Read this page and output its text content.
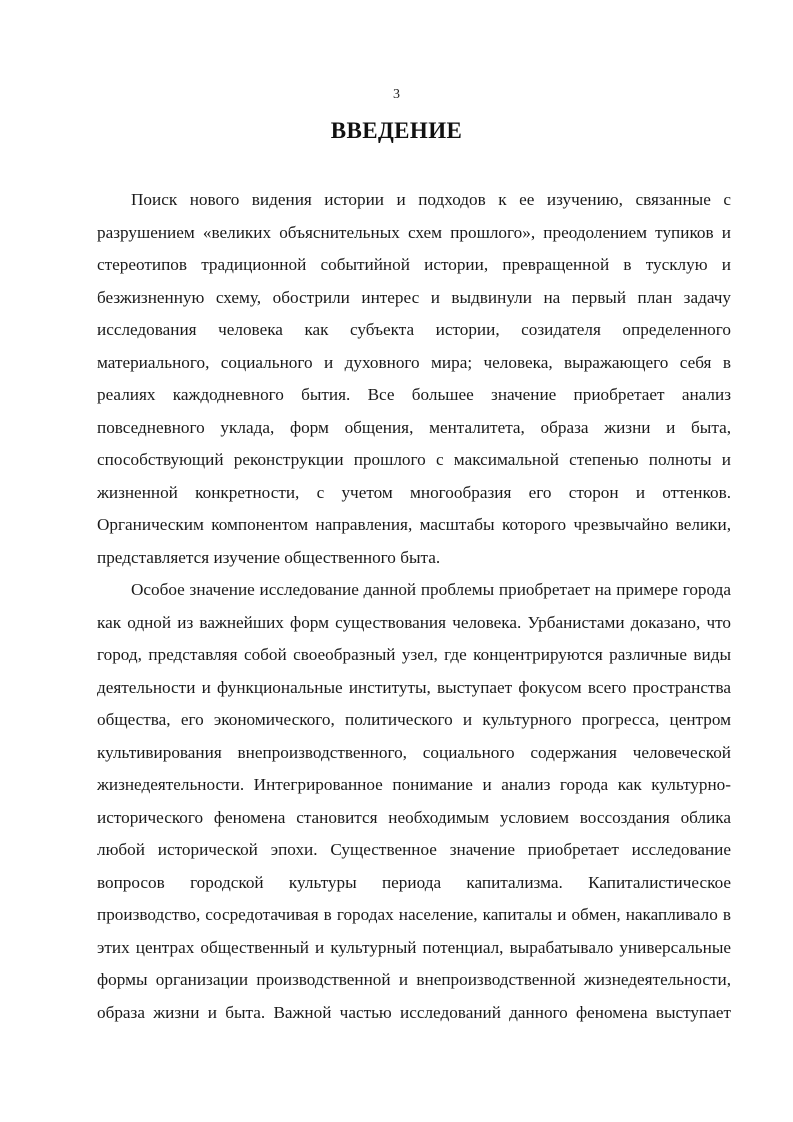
3
ВВЕДЕНИЕ

Поиск нового видения истории и подходов к ее изучению, связанные с разрушением «великих объяснительных схем прошлого», преодолением тупиков и стереотипов традиционной событийной истории, превращенной в тусклую и безжизненную схему, обострили интерес и выдвинули на первый план задачу исследования человека как субъекта истории, созидателя определенного материального, социального и духовного мира; человека, выражающего себя в реалиях каждодневного бытия. Все большее значение приобретает анализ повседневного уклада, форм общения, менталитета, образа жизни и быта, способствующий реконструкции прошлого с максимальной степенью полноты и жизненной конкретности, с учетом многообразия его сторон и оттенков. Органическим компонентом направления, масштабы которого чрезвычайно велики, представляется изучение общественного быта.

Особое значение исследование данной проблемы приобретает на примере города как одной из важнейших форм существования человека. Урбанистами доказано, что город, представляя собой своеобразный узел, где концентрируются различные виды деятельности и функциональные институты, выступает фокусом всего пространства общества, его экономического, политического и культурного прогресса, центром культивирования внепроизводственного, социального содержания человеческой жизнедеятельности. Интегрированное понимание и анализ города как культурно-исторического феномена становится необходимым условием воссоздания облика любой исторической эпохи. Существенное значение приобретает исследование вопросов городской культуры периода капитализма. Капиталистическое производство, сосредотачивая в городах население, капиталы и обмен, накапливало в этих центрах общественный и культурный потенциал, вырабатывало универсальные формы организации производственной и внепроизводственной жизнедеятельности, образа жизни и быта. Важной частью исследований данного феномена выступает
